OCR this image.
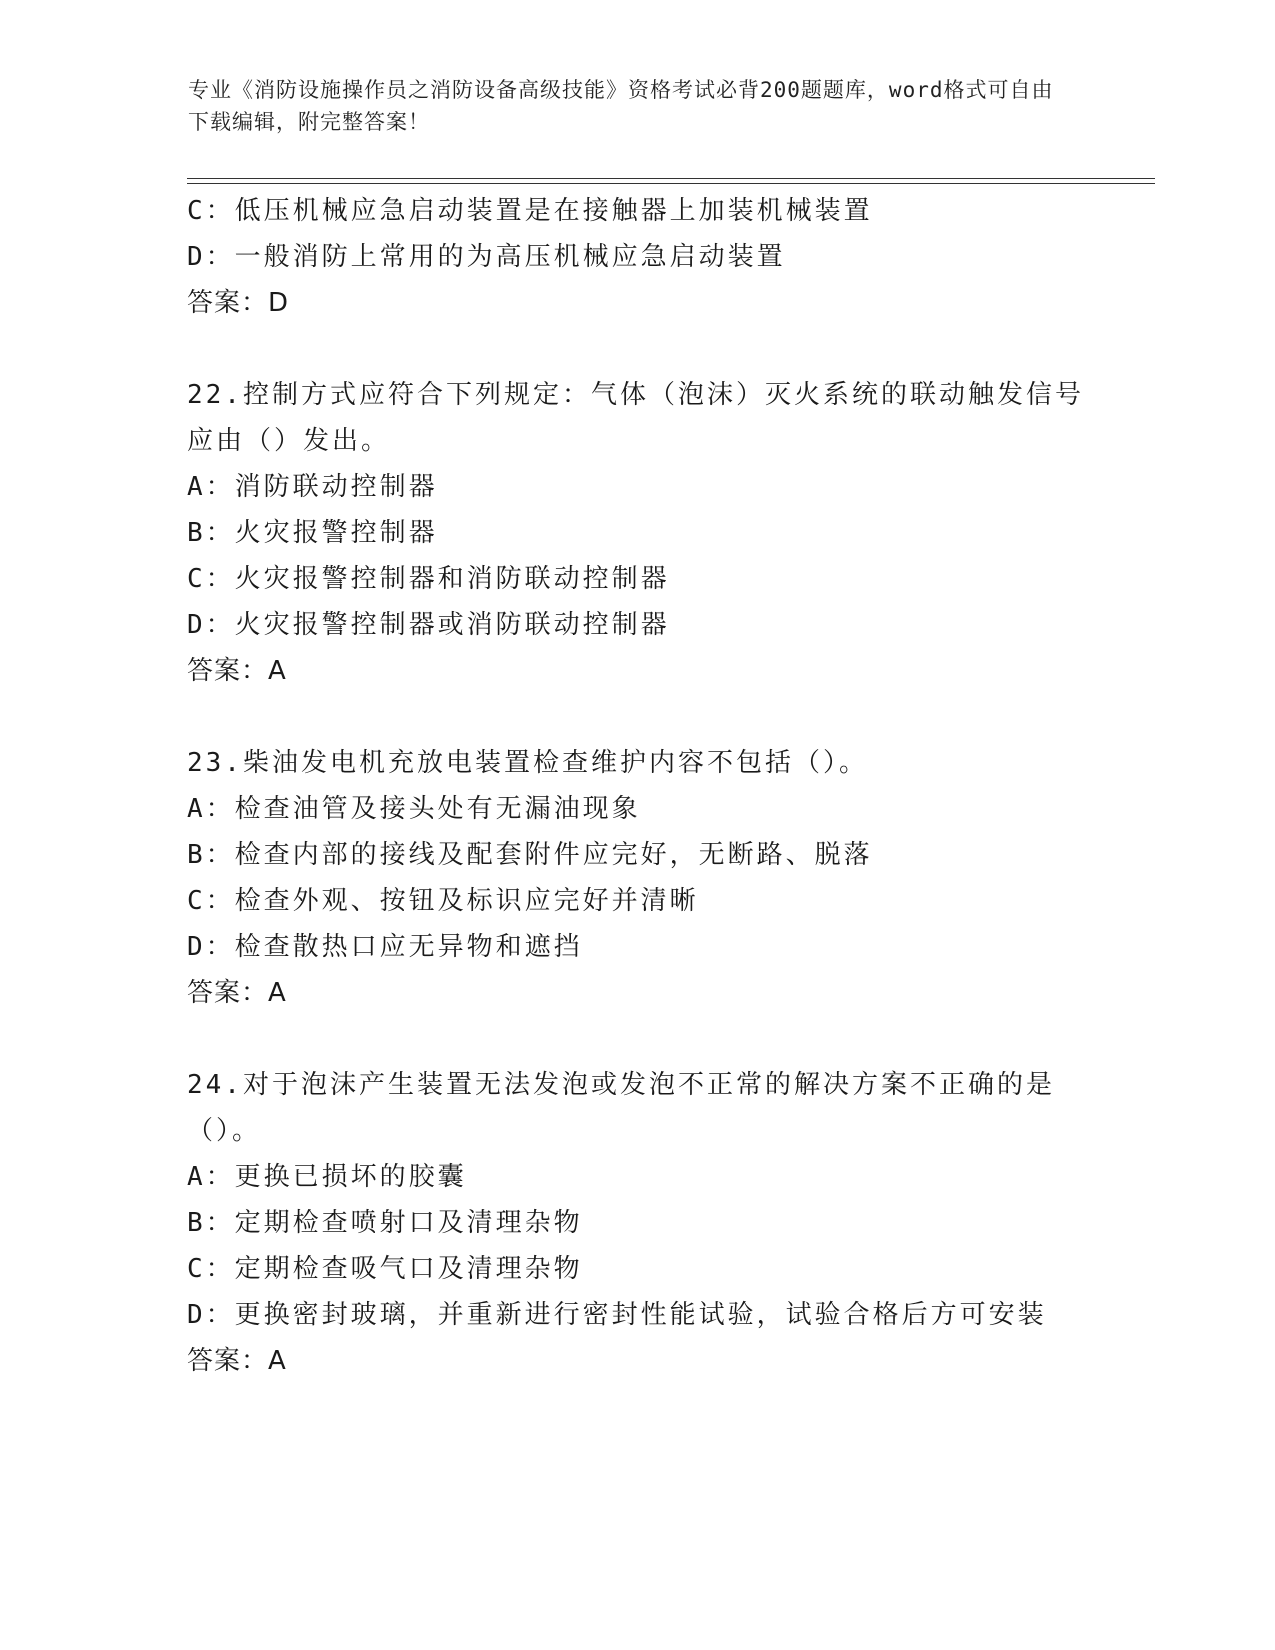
专业《消防设施操作员之消防设备高级技能》资格考试必背200题题库，word格式可自由下载编辑，附完整答案！
C：低压机械应急启动装置是在接触器上加装机械装置
D：一般消防上常用的为高压机械应急启动装置
答案：D
22.控制方式应符合下列规定：气体（泡沫）灭火系统的联动触发信号应由（）发出。
A：消防联动控制器
B：火灾报警控制器
C：火灾报警控制器和消防联动控制器
D：火灾报警控制器或消防联动控制器
答案：A
23.柴油发电机充放电装置检查维护内容不包括（）。
A：检查油管及接头处有无漏油现象
B：检查内部的接线及配套附件应完好，无断路、脱落
C：检查外观、按钮及标识应完好并清晰
D：检查散热口应无异物和遮挡
答案：A
24.对于泡沫产生装置无法发泡或发泡不正常的解决方案不正确的是（）。
A：更换已损坏的胶囊
B：定期检查喷射口及清理杂物
C：定期检查吸气口及清理杂物
D：更换密封玻璃，并重新进行密封性能试验，试验合格后方可安装
答案：A
